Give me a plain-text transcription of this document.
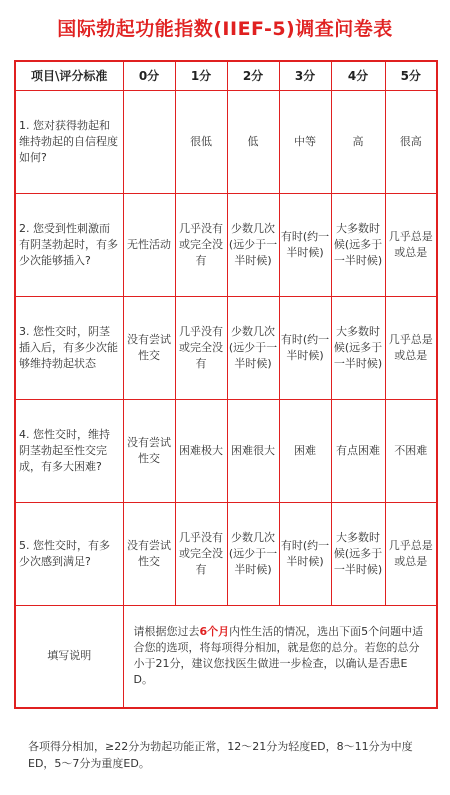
国际勃起功能指数(IIEF-5)调查问卷表
项目\评分标准	0分	1分	2分	3分	4分	5分
1. 您对获得勃起和维持勃起的自信程度如何?		很低	低	中等	高	很高
2. 您受到性刺激而有阴茎勃起时，有多少次能够插入?	无性活动	几乎没有或完全没有	少数几次(远少于一半时候)	有时(约一半时候)	大多数时候(远多于一半时候)	几乎总是或总是
3. 您性交时，阴茎插入后，有多少次能够维持勃起状态	没有尝试性交	几乎没有或完全没有	少数几次(远少于一半时候)	有时(约一半时候)	大多数时候(远多于一半时候)	几乎总是或总是
4. 您性交时，维持阴茎勃起至性交完成，有多大困难?	没有尝试性交	困难极大	困难很大	困难	有点困难	不困难
5. 您性交时，有多少次感到满足?	没有尝试性交	几乎没有或完全没有	少数几次(远少于一半时候)	有时(约一半时候)	大多数时候(远多于一半时候)	几乎总是或总是
填写说明	请根据您过去6个月内性生活的情况，选出下面5个问题中适合您的选项，将每项得分相加，就是您的总分。若您的总分小于21分，建议您找医生做进一步检查，以确认是否患ED。					
各项得分相加，≥22分为勃起功能正常，12～21分为轻度ED，8～11分为中度ED，5～7分为重度ED。
